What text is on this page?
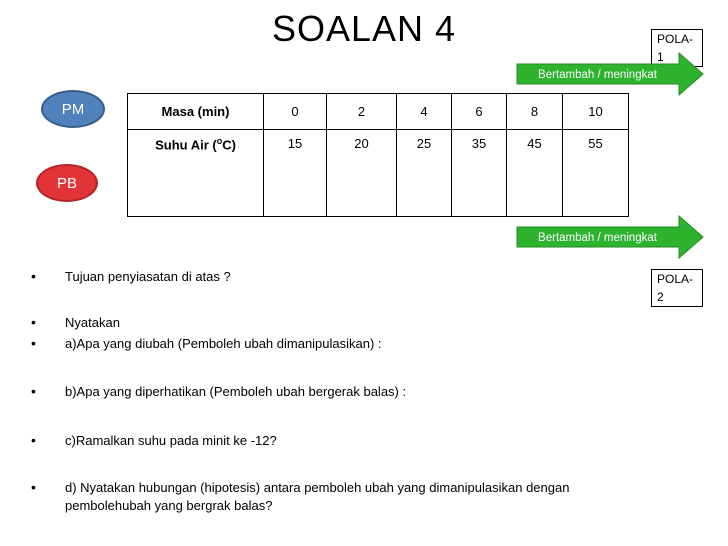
SOALAN 4	POLA-1
POLA-2
Bertambah / meningkat
Bertambah / meningkat
PM
PB
Masa (min)	0	2	4	6	8	10
Suhu Air ($^o$C)	15	20	25	35	45	55
• Tujuan penyiasatan di atas ?
• Nyatakan
• a)Apa yang diubah (Pemboleh ubah dimanipulasikan) :
• b)Apa yang diperhatikan (Pemboleh ubah bergerak balas) :
• c)Ramalkan suhu pada minit ke -12?
• d) Nyatakan hubungan (hipotesis) antara pemboleh ubah yang dimanipulasikan dengan pembolehubah yang bergrak balas?
